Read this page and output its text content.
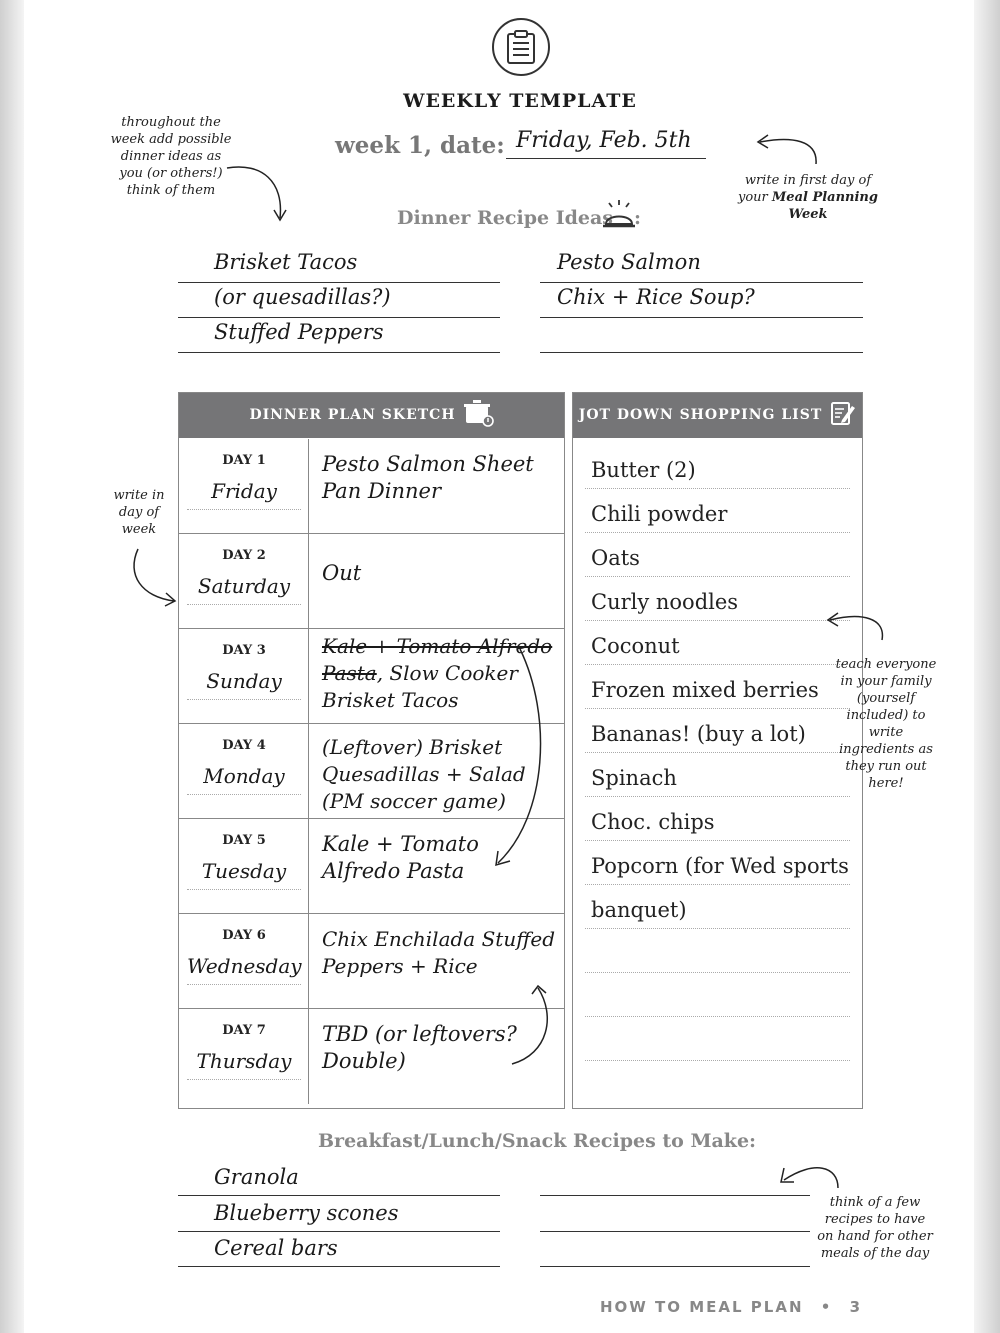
WEEKLY TEMPLATE
week 1, date: Friday, Feb. 5th
throughout the week add possible dinner ideas as you (or others!) think of them
write in first day of your Meal Planning Week
Dinner Recipe Ideas :
Brisket Tacos
(or quesadillas?)
Stuffed Peppers
Pesto Salmon
Chix + Rice Soup?
DINNER PLAN SKETCH
DAY 1
Friday
Pesto Salmon Sheet Pan Dinner
DAY 2
Saturday
Out
DAY 3
Sunday
Kale + Tomato Alfredo Pasta, Slow Cooker Brisket Tacos
DAY 4
Monday
(Leftover) Brisket Quesadillas + Salad (PM soccer game)
DAY 5
Tuesday
Kale + Tomato Alfredo Pasta
DAY 6
Wednesday
Chix Enchilada Stuffed Peppers + Rice
DAY 7
Thursday
TBD (or leftovers? Double)
write in day of week
JOT DOWN SHOPPING LIST
Butter (2)
Chili powder
Oats
Curly noodles
Coconut
Frozen mixed berries
Bananas! (buy a lot)
Spinach
Choc. chips
Popcorn (for Wed sports
banquet)
teach everyone in your family (yourself included) to write ingredients as they run out here!
Breakfast/Lunch/Snack Recipes to Make:
Granola
Blueberry scones
Cereal bars
think of a few recipes to have on hand for other meals of the day
HOW TO MEAL PLAN • 3
